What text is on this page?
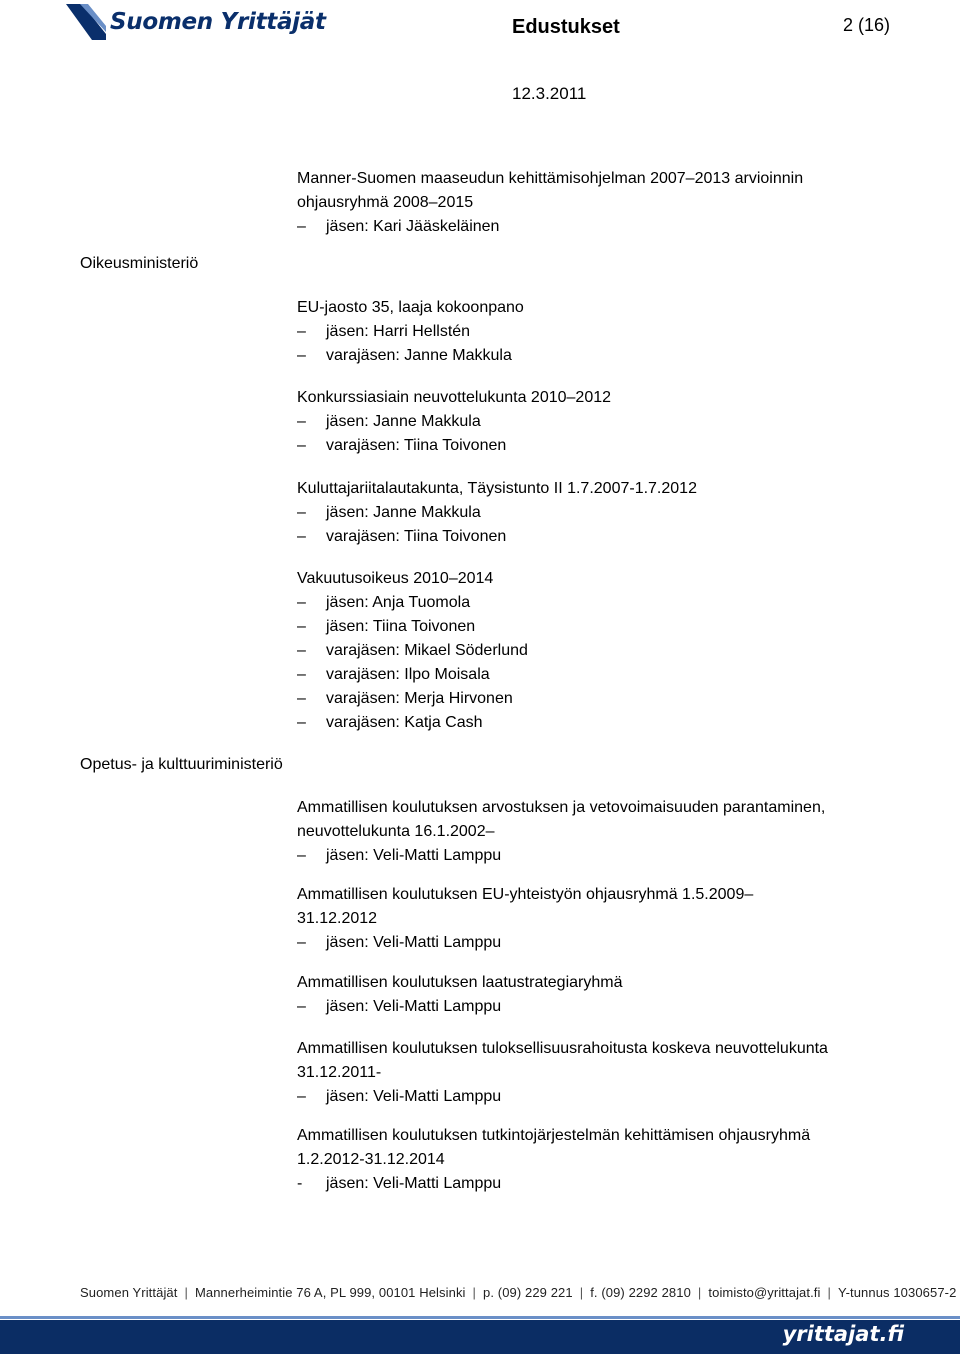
Suomen Yrittäjät	Edustukset	2 (16)
12.3.2011
Oikeusministeriö
Opetus- ja kulttuuriministeriö

Manner-Suomen maaseudun kehittämisohjelman 2007–2013 arvioinnin

ohjausryhmä 2008–2015

– jäsen: Kari Jääskeläinen

EU-jaosto 35, laaja kokoonpano

– jäsen: Harri Hellstén
– varajäsen: Janne Makkula

Konkurssiasiain neuvottelukunta 2010–2012

– jäsen: Janne Makkula
– varajäsen: Tiina Toivonen

Kuluttajariitalautakunta, Täysistunto II 1.7.2007-1.7.2012

– jäsen: Janne Makkula
– varajäsen: Tiina Toivonen

Vakuutusoikeus 2010–2014

– jäsen: Anja Tuomola
– jäsen: Tiina Toivonen
– varajäsen: Mikael Söderlund
– varajäsen: Ilpo Moisala
– varajäsen: Merja Hirvonen
– varajäsen: Katja Cash

Ammatillisen koulutuksen arvostuksen ja vetovoimaisuuden parantaminen,

neuvottelukunta 16.1.2002–

– jäsen: Veli-Matti Lamppu

Ammatillisen koulutuksen EU-yhteistyön ohjausryhmä 1.5.2009–

31.12.2012

– jäsen: Veli-Matti Lamppu

Ammatillisen koulutuksen laatustrategiaryhmä

– jäsen: Veli-Matti Lamppu

Ammatillisen koulutuksen tuloksellisuusrahoitusta koskeva neuvottelukunta

31.12.2011-

– jäsen: Veli-Matti Lamppu

Ammatillisen koulutuksen tutkintojärjestelmän kehittämisen ohjausryhmä

1.2.2012-31.12.2014

- jäsen: Veli-Matti Lamppu
Suomen Yrittäjät | Mannerheimintie 76 A, PL 999, 00101 Helsinki | p. (09) 229 221 | f. (09) 2292 2810 | toimisto@yrittajat.fi | Y-tunnus 1030657-2
yrittajat.fi
